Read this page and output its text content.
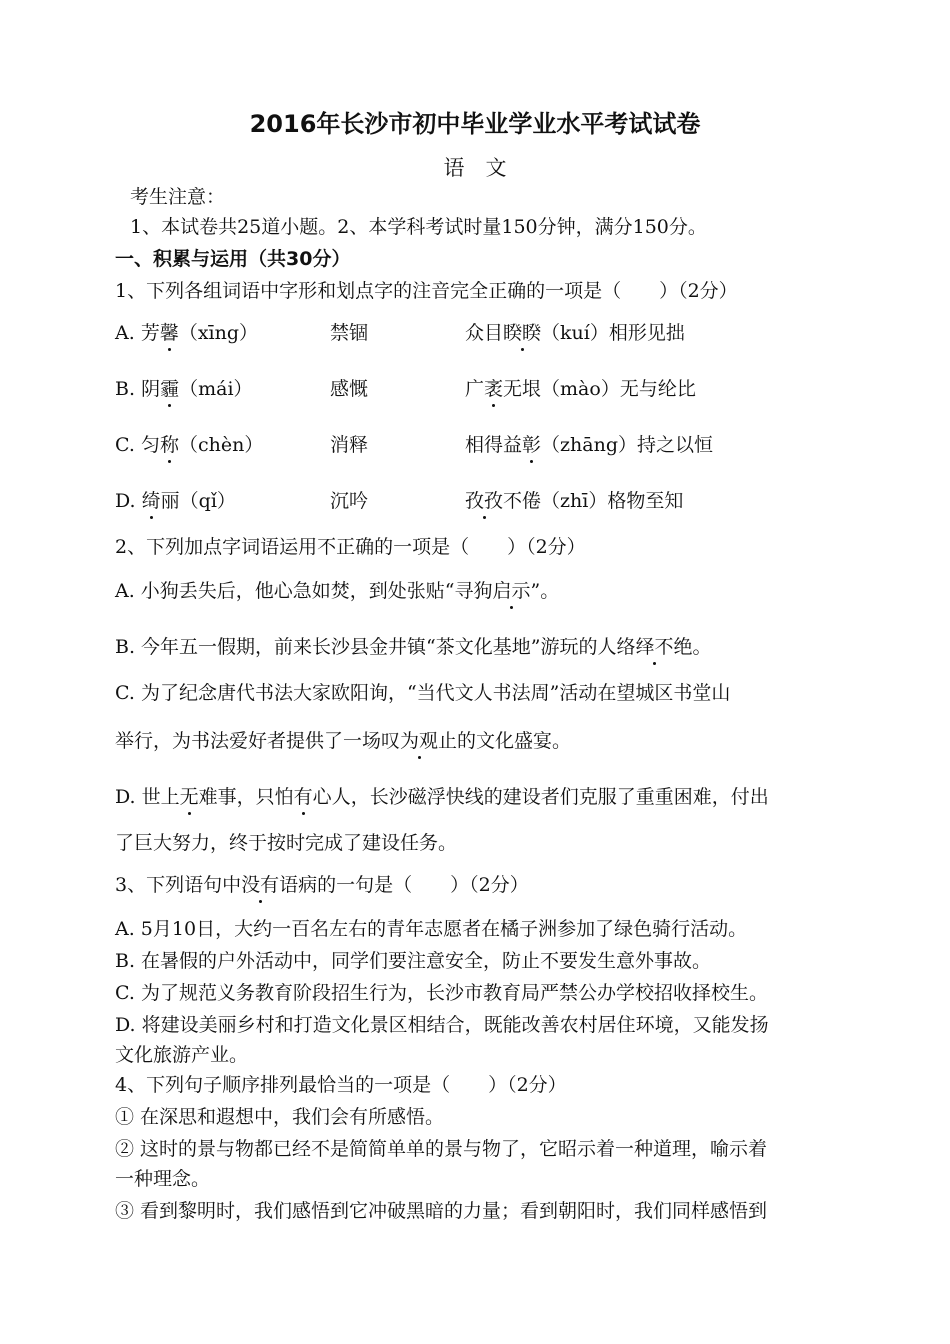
2016年长沙市初中毕业学业水平考试试卷
语　文
考生注意：
1、本试卷共25道小题。2、本学科考试时量150分钟，满分150分。
一、积累与运用（共30分）
1、下列各组词语中字形和划点字的注音完全正确的一项是（　　）（2分）
A. 芳馨（xīng）	禁锢	众目睽睽（kuí）相形见拙
B. 阴霾（mái）	感慨	广袤无垠（mào）无与纶比
C. 匀称（chèn）	消释	相得益彰（zhāng）持之以恒
D. 绮丽（qǐ）	沉吟	孜孜不倦（zhī）格物至知
2、下列加点字词语运用不正确的一项是（　　）（2分）
A. 小狗丢失后，他心急如焚，到处张贴“寻狗启示”。
B. 今年五一假期，前来长沙县金井镇“茶文化基地”游玩的人络绎不绝。
C. 为了纪念唐代书法大家欧阳询，“当代文人书法周”活动在望城区书堂山
举行，为书法爱好者提供了一场叹为观止的文化盛宴。
D. 世上无难事，只怕有心人，长沙磁浮快线的建设者们克服了重重困难，付出
了巨大努力，终于按时完成了建设任务。
3、下列语句中没有语病的一句是（　　）（2分）
A. 5月10日，大约一百名左右的青年志愿者在橘子洲参加了绿色骑行活动。
B. 在暑假的户外活动中，同学们要注意安全，防止不要发生意外事故。
C. 为了规范义务教育阶段招生行为，长沙市教育局严禁公办学校招收择校生。
D. 将建设美丽乡村和打造文化景区相结合，既能改善农村居住环境，又能发扬
文化旅游产业。
4、下列句子顺序排列最恰当的一项是（　　）（2分）
① 在深思和遐想中，我们会有所感悟。
② 这时的景与物都已经不是简简单单的景与物了，它昭示着一种道理，喻示着
一种理念。
③ 看到黎明时，我们感悟到它冲破黑暗的力量；看到朝阳时，我们同样感悟到
